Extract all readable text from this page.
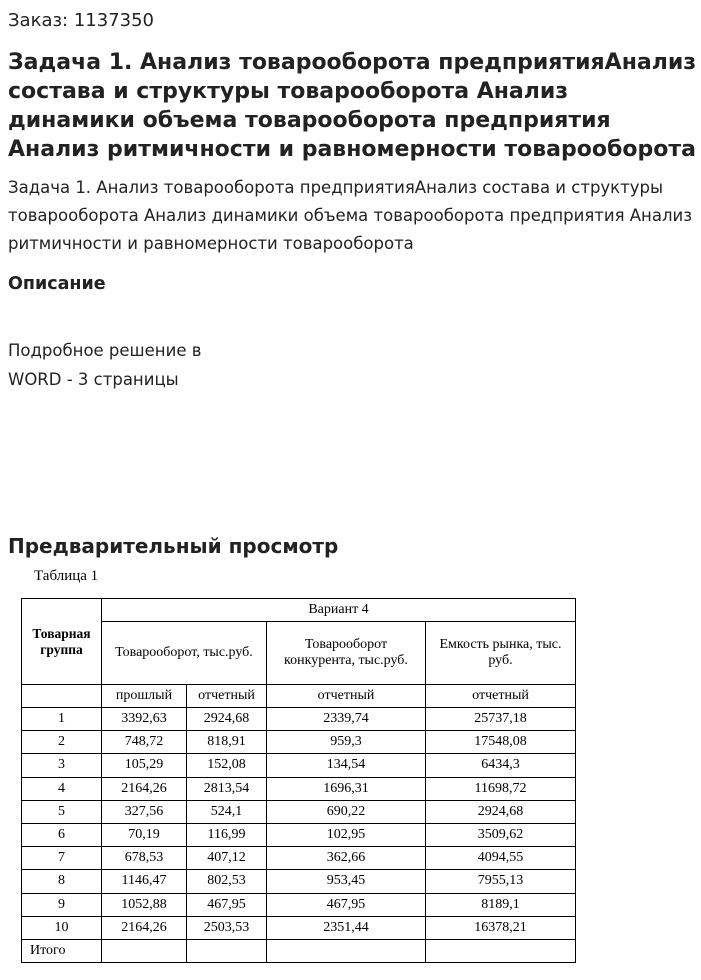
Заказ: 1137350
Задача 1. Анализ товарооборота предприятияАнализ состава и структуры товарооборота Анализ динамики объема товарооборота предприятия Анализ ритмичности и равномерности товарооборота

Задача 1. Анализ товарооборота предприятияАнализ состава и структуры товарооборота Анализ динамики объема товарооборота предприятия Анализ ритмичности и равномерности товарооборота

Описание
Подробное решение в
WORD - 3 страницы
Предварительный просмотр
Таблица 1
Товарная группа	Вариант 4			
	Товарооборот, тыс.руб.		Товарооборот конкурента, тыс.руб.	Емкость рынка, тыс. руб.
	прошлый	отчетный	отчетный	отчетный
1	3392,63	2924,68	2339,74	25737,18
2	748,72	818,91	959,3	17548,08
3	105,29	152,08	134,54	6434,3
4	2164,26	2813,54	1696,31	11698,72
5	327,56	524,1	690,22	2924,68
6	70,19	116,99	102,95	3509,62
7	678,53	407,12	362,66	4094,55
8	1146,47	802,53	953,45	7955,13
9	1052,88	467,95	467,95	8189,1
10	2164,26	2503,53	2351,44	16378,21
Итого				
